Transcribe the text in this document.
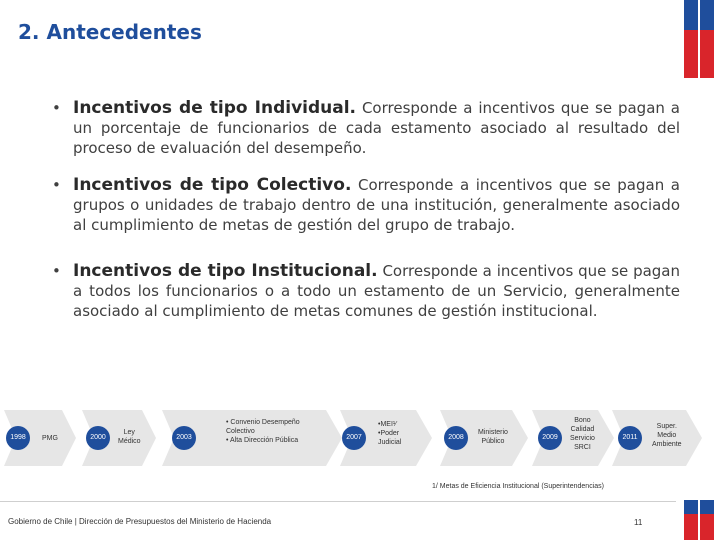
2. Antecedentes
• Incentivos de tipo Individual. Corresponde a incentivos que se pagan a un porcentaje de funcionarios de cada estamento asociado al resultado del proceso de evaluación del desempeño.
• Incentivos de tipo Colectivo. Corresponde a incentivos que se pagan a grupos o unidades de trabajo dentro de una institución, generalmente asociado al cumplimiento de metas de gestión del grupo de trabajo.
• Incentivos de tipo Institucional. Corresponde a incentivos que se pagan a todos los funcionarios o a todo un estamento de un Servicio, generalmente asociado al cumplimiento de metas comunes de gestión institucional.
1998	PMG	2000
Ley
Médico
2003
• Convenio Desempeño
Colectivo
• Alta Dirección Pública	2007
•MEI¹⁄
•Poder
Judicial
2008
Ministerio
Público
2009
Bono
Calidad
Servicio
SRCI
2011
Super.
Medio
Ambiente
1/ Metas de Eficiencia Institucional (Superintendencias)
Gobierno de Chile | Dirección de Presupuestos del Ministerio de Hacienda	11
